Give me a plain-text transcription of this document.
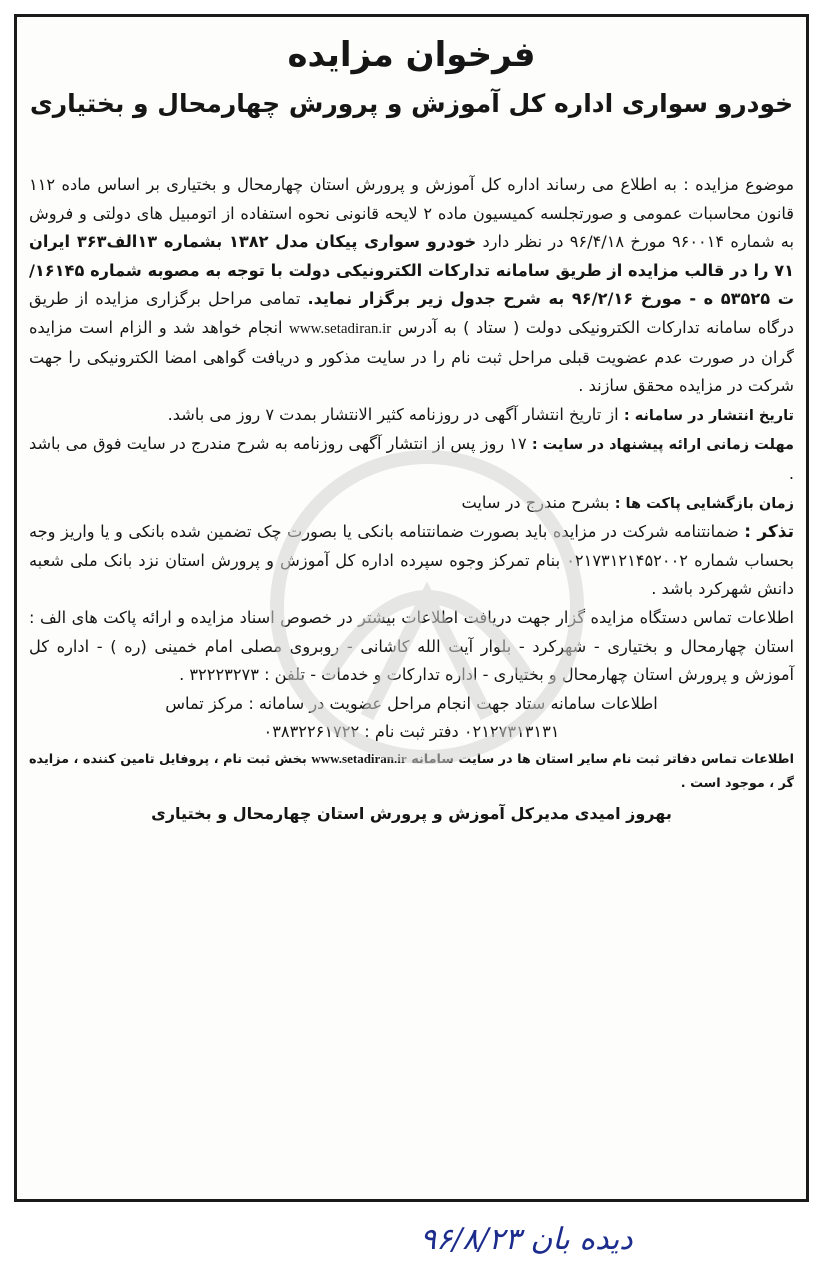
فرخوان مزایده
خودرو سواری اداره کل آموزش و پرورش چهارمحال و بختیاری

موضوع مزایده : به اطلاع می رساند اداره کل آموزش و پرورش استان چهارمحال و بختیاری بر اساس ماده ۱۱۲ قانون محاسبات عمومی و صورتجلسه کمیسیون ماده ۲ لایحه قانونی نحوه استفاده از اتومبیل های دولتی و فروش به شماره ۹۶۰۰۱۴ مورخ ۹۶/۴/۱۸ در نظر دارد خودرو سواری پیکان مدل ۱۳۸۲ بشماره ۱۳الف۳۶۳ ایران ۷۱ را در قالب مزایده از طریق سامانه تدارکات الکترونیکی دولت با توجه به مصوبه شماره ۱۶۱۴۵/ت ۵۳۵۲۵ ه - مورخ ۹۶/۲/۱۶ به شرح جدول زیر برگزار نماید. تمامی مراحل برگزاری مزایده از طریق درگاه سامانه تدارکات الکترونیکی دولت ( ستاد ) به آدرس www.setadiran.ir انجام خواهد شد و الزام است مزایده گران در صورت عدم عضویت قبلی مراحل ثبت نام را در سایت مذکور و دریافت گواهی امضا الکترونیکی را جهت شرکت در مزایده محقق سازند .

تاریخ انتشار در سامانه : از تاریخ انتشار آگهی در روزنامه کثیر الانتشار بمدت ۷ روز می باشد.

مهلت زمانی ارائه پیشنهاد در سایت : ۱۷ روز پس از انتشار آگهی روزنامه به شرح مندرج در سایت فوق می باشد .

زمان بازگشایی پاکت ها : بشرح مندرج در سایت

تذکر : ضمانتنامه شرکت در مزایده باید بصورت ضمانتنامه بانکی یا بصورت چک تضمین شده بانکی و یا واریز وجه بحساب شماره ۰۲۱۷۳۱۲۱۴۵۲۰۰۲ بنام تمرکز وجوه سپرده اداره کل آموزش و پرورش استان نزد بانک ملی شعبه دانش شهرکرد باشد .

اطلاعات تماس دستگاه مزایده گزار جهت دریافت اطلاعات بیشتر در خصوص اسناد مزایده و ارائه پاکت های الف : استان چهارمحال و بختیاری - شهرکرد - بلوار آیت الله کاشانی - روبروی مصلی امام خمینی (ره ) - اداره کل آموزش و پرورش استان چهارمحال و بختیاری - اداره تدارکات و خدمات - تلفن : ۳۲۲۲۳۲۷۳ .

اطلاعات سامانه ستاد جهت انجام مراحل عضویت در سامانه : مرکز تماس
۰۲۱۲۷۳۱۳۱۳۱ دفتر ثبت نام : ۰۳۸۳۲۲۶۱۷۲۲

اطلاعات تماس دفاتر ثبت نام سایر استان ها در سایت سامانه www.setadiran.ir بخش ثبت نام ، پروفایل تامین کننده ، مزایده گر ، موجود است .

بهروز امیدی مدیرکل آموزش و پرورش استان چهارمحال و بختیاری
دیده بان ۹۶/۸/۲۳
